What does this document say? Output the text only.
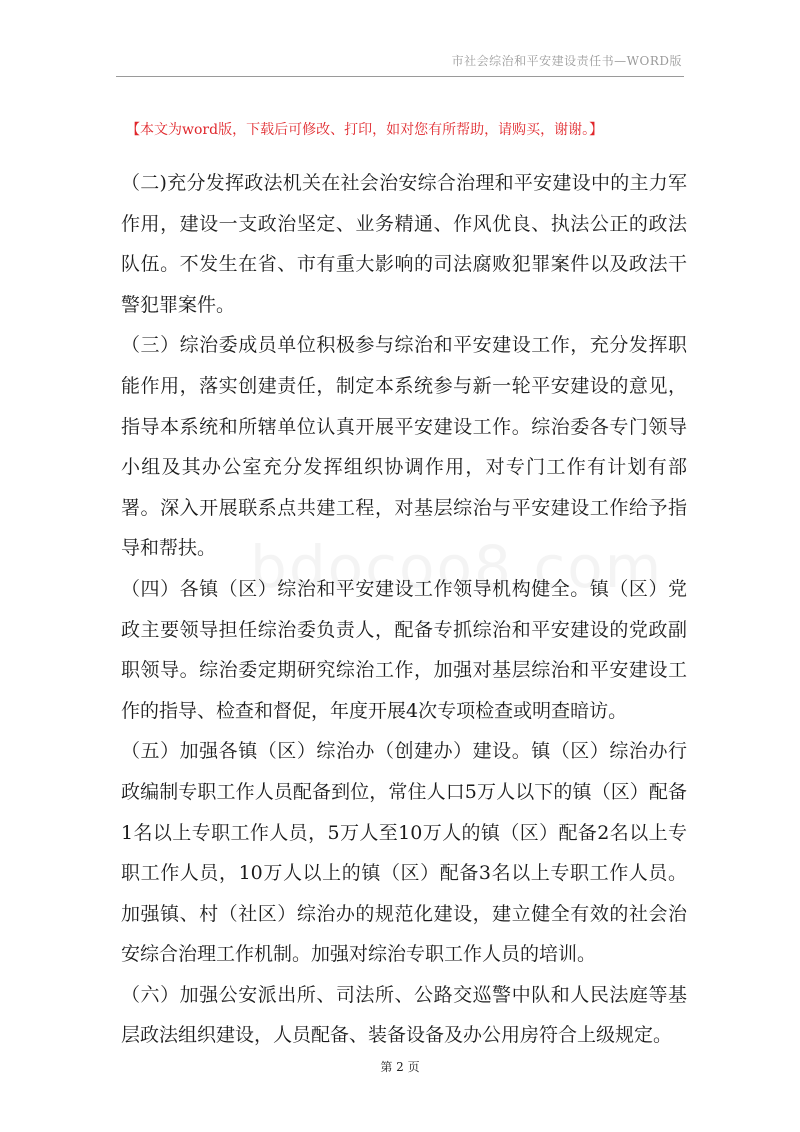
市社会综治和平安建设责任书—WORD版
【本文为word版，下载后可修改、打印，如对您有所帮助，请购买，谢谢。】

（二)充分发挥政法机关在社会治安综合治理和平安建设中的主力军作用，建设一支政治坚定、业务精通、作风优良、执法公正的政法队伍。不发生在省、市有重大影响的司法腐败犯罪案件以及政法干警犯罪案件。

（三）综治委成员单位积极参与综治和平安建设工作，充分发挥职能作用，落实创建责任，制定本系统参与新一轮平安建设的意见，指导本系统和所辖单位认真开展平安建设工作。综治委各专门领导小组及其办公室充分发挥组织协调作用，对专门工作有计划有部署。深入开展联系点共建工程，对基层综治与平安建设工作给予指导和帮扶。

（四）各镇（区）综治和平安建设工作领导机构健全。镇（区）党政主要领导担任综治委负责人，配备专抓综治和平安建设的党政副职领导。综治委定期研究综治工作，加强对基层综治和平安建设工作的指导、检查和督促，年度开展4次专项检查或明查暗访。

（五）加强各镇（区）综治办（创建办）建设。镇（区）综治办行政编制专职工作人员配备到位，常住人口5万人以下的镇（区）配备1名以上专职工作人员，5万人至10万人的镇（区）配备2名以上专职工作人员，10万人以上的镇（区）配备3名以上专职工作人员。加强镇、村（社区）综治办的规范化建设，建立健全有效的社会治安综合治理工作机制。加强对综治专职工作人员的培训。

（六）加强公安派出所、司法所、公路交巡警中队和人民法庭等基层政法组织建设，人员配备、装备设备及办公用房符合上级规定。

第 2 页
